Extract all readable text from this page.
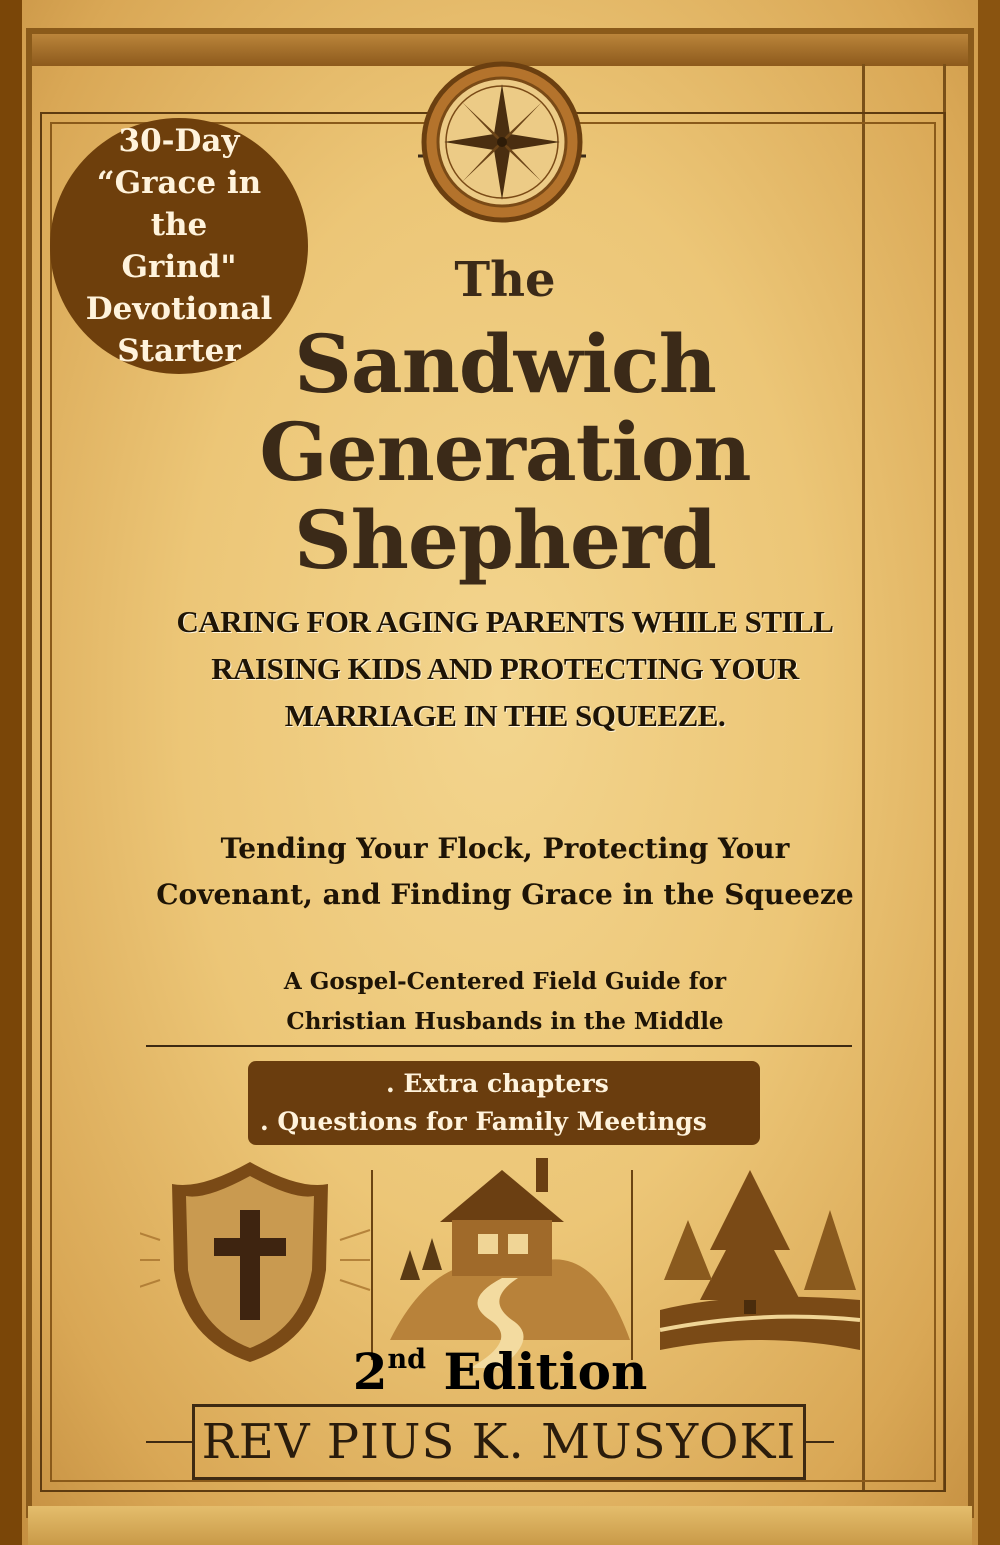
30-Day
“Grace in the
Grind"
Devotional
Starter
The
Sandwich
Generation
Shepherd
CARING FOR AGING PARENTS WHILE STILL
RAISING KIDS AND PROTECTING YOUR
MARRIAGE IN THE SQUEEZE.
Tending Your Flock, Protecting Your
Covenant, and Finding Grace in the Squeeze
A Gospel-Centered Field Guide for
Christian Husbands in the Middle
. Extra chapters
. Questions for Family Meetings
2nd Edition
REV PIUS K. MUSYOKI
